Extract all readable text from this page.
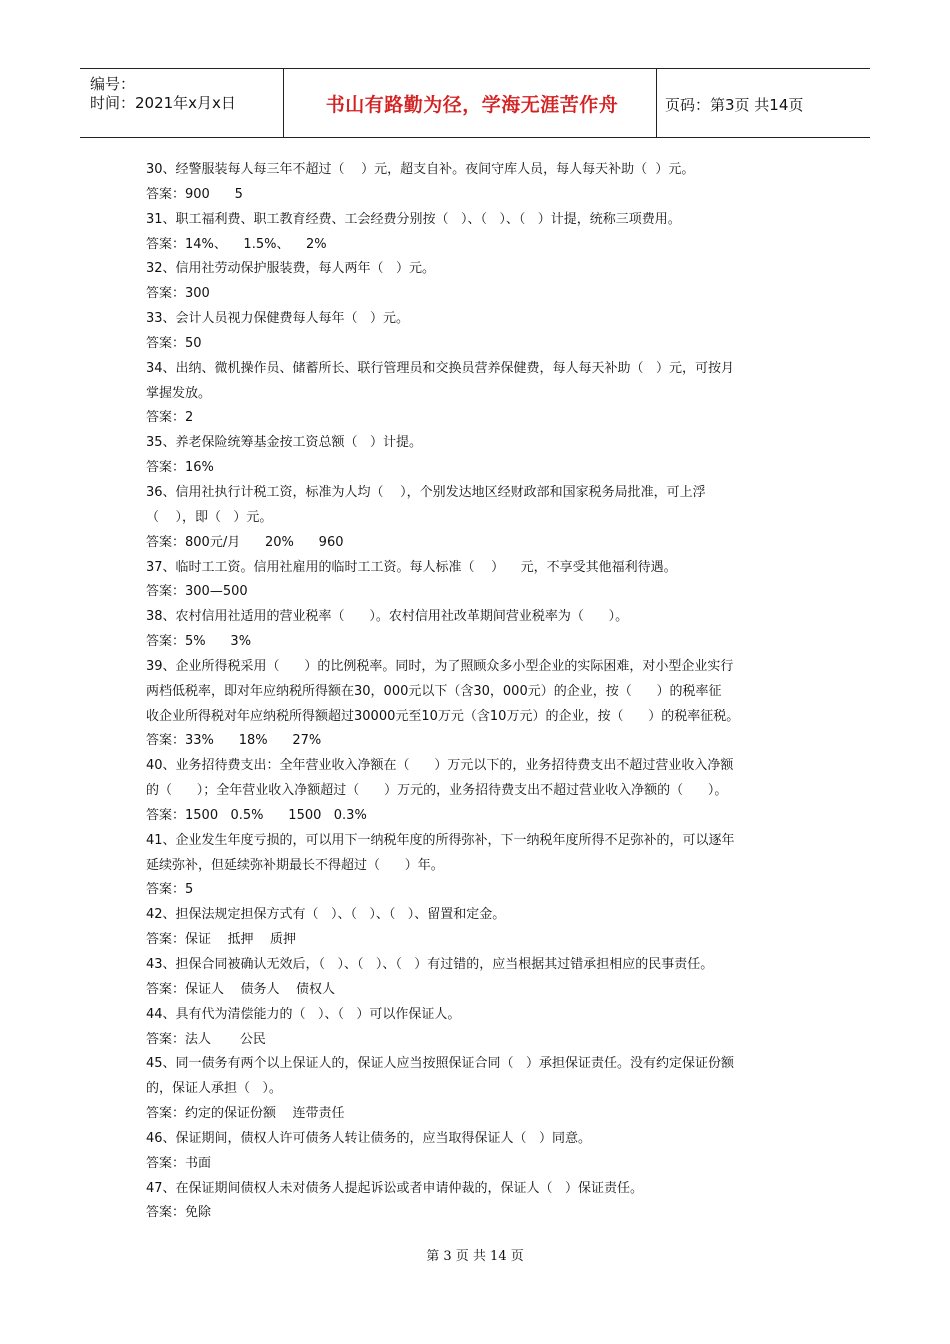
编号：
时间：2021年x月x日	书山有路勤为径，学海无涯苦作舟	页码：第3页 共14页
30、经警服装每人每三年不超过（    ）元，超支自补。夜间守库人员，每人每天补助（  ）元。
答案：900      5
31、职工福利费、职工教育经费、工会经费分别按（   ）、（   ）、（   ）计提，统称三项费用。
答案：14%、    1.5%、    2%
32、信用社劳动保护服装费，每人两年（   ）元。
答案：300
33、会计人员视力保健费每人每年（   ）元。
答案：50
34、出纳、微机操作员、储蓄所长、联行管理员和交换员营养保健费，每人每天补助（   ）元，可按月
掌握发放。
答案：2
35、养老保险统筹基金按工资总额（   ）计提。
答案：16%
36、信用社执行计税工资，标准为人均（    ），个别发达地区经财政部和国家税务局批准，可上浮
（    ），即（   ）元。
答案：800元/月      20%      960
37、临时工工资。信用社雇用的临时工工资。每人标准（    ）    元，不享受其他福利待遇。
答案：300—500
38、农村信用社适用的营业税率（      ）。农村信用社改革期间营业税率为（      ）。
答案：5%      3%
39、企业所得税采用（      ）的比例税率。同时，为了照顾众多小型企业的实际困难，对小型企业实行
两档低税率，即对年应纳税所得额在30，000元以下（含30，000元）的企业，按（      ）的税率征
收企业所得税对年应纳税所得额超过30000元至10万元（含10万元）的企业，按（      ）的税率征税。
答案：33%      18%      27%
40、业务招待费支出：全年营业收入净额在（      ）万元以下的，业务招待费支出不超过营业收入净额
的（      ）；全年营业收入净额超过（      ）万元的，业务招待费支出不超过营业收入净额的（      ）。
答案：1500   0.5%      1500   0.3%
41、企业发生年度亏损的，可以用下一纳税年度的所得弥补，下一纳税年度所得不足弥补的，可以逐年
延续弥补，但延续弥补期最长不得超过（      ）年。
答案：5
42、担保法规定担保方式有（   ）、（   ）、（   ）、留置和定金。
答案：保证    抵押    质押
43、担保合同被确认无效后，（   ）、（   ）、（   ）有过错的，应当根据其过错承担相应的民事责任。
答案：保证人    债务人    债权人
44、具有代为清偿能力的（   ）、（   ）可以作保证人。
答案：法人       公民
45、同一债务有两个以上保证人的，保证人应当按照保证合同（   ）承担保证责任。没有约定保证份额
的，保证人承担（   ）。
答案：约定的保证份额    连带责任
46、保证期间，债权人许可债务人转让债务的，应当取得保证人（   ）同意。
答案：书面
47、在保证期间债权人未对债务人提起诉讼或者申请仲裁的，保证人（   ）保证责任。
答案：免除
第 3 页 共 14 页
